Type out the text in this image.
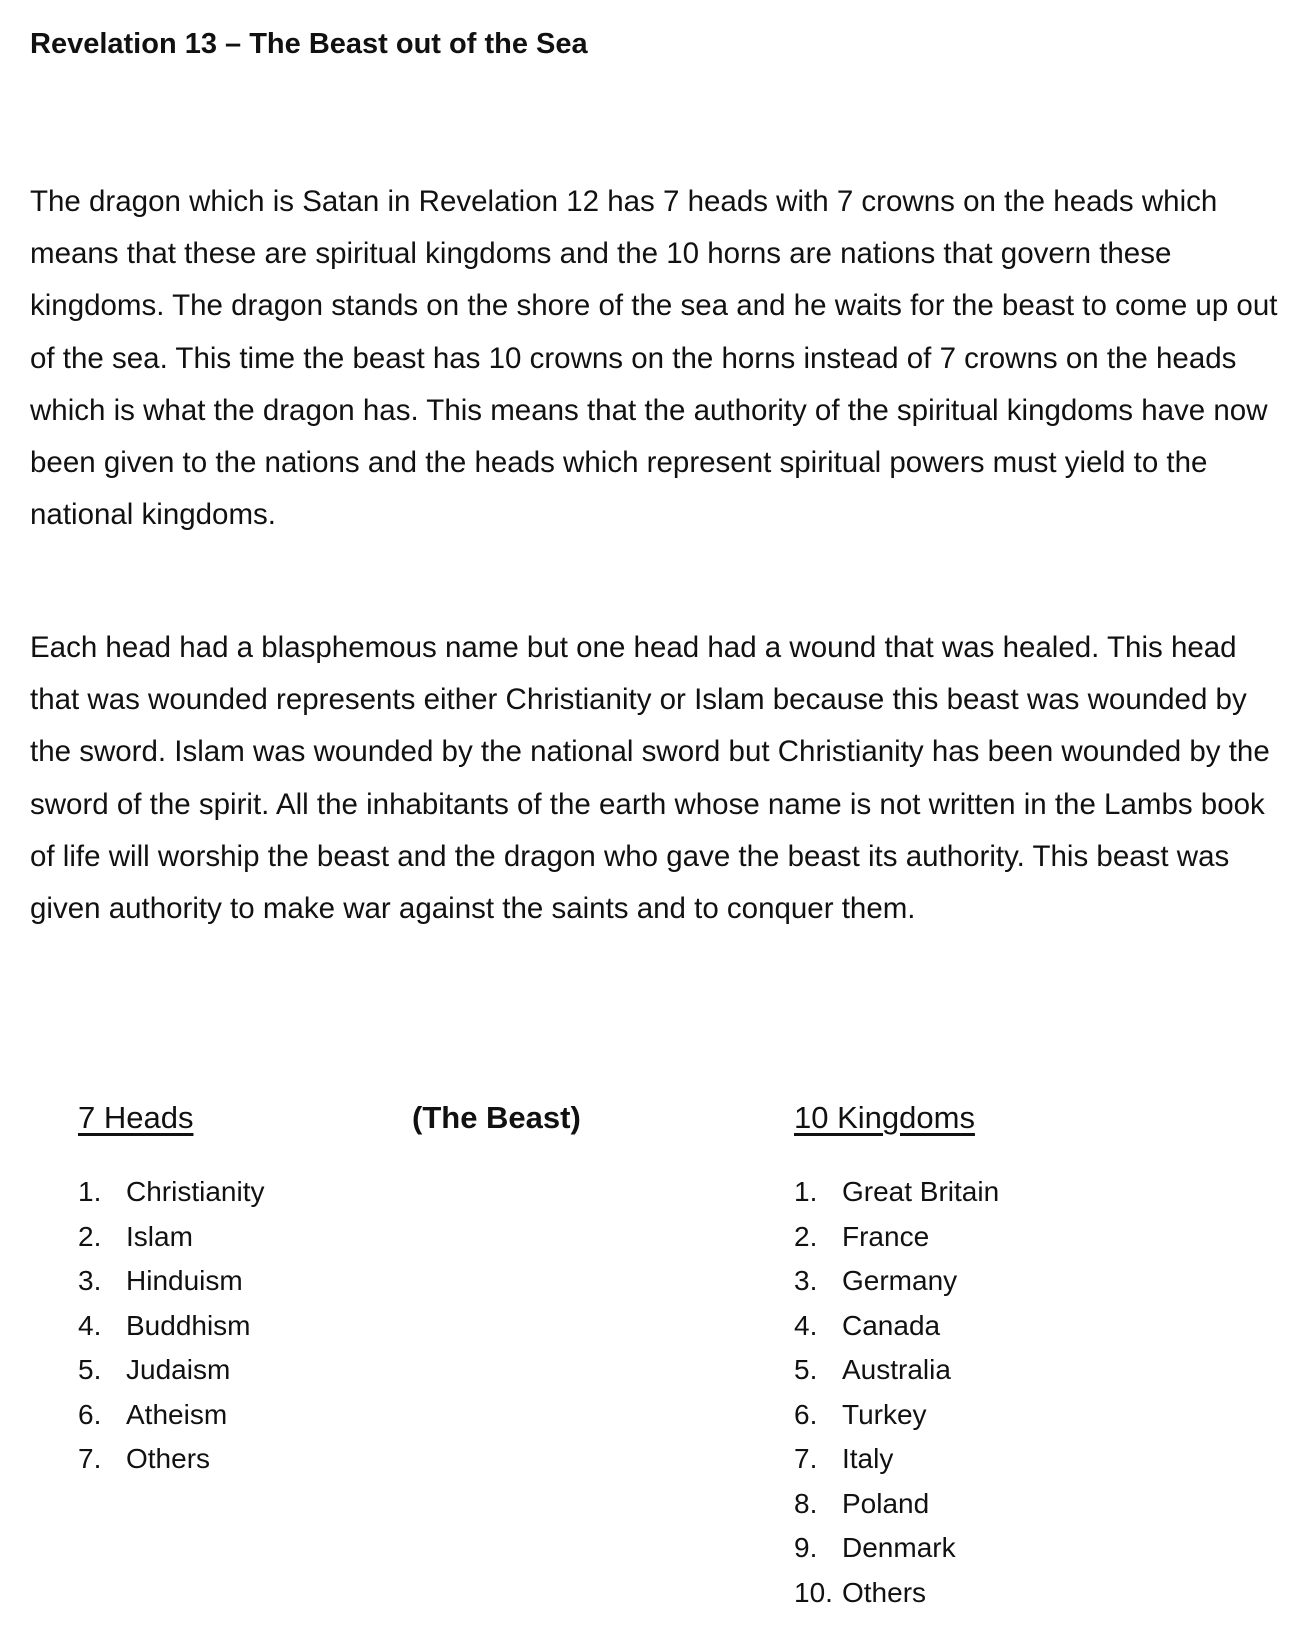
Revelation 13 – The Beast out of the Sea

The dragon which is Satan in Revelation 12 has 7 heads with 7 crowns on the heads which means that these are spiritual kingdoms and the 10 horns are nations that govern these kingdoms. The dragon stands on the shore of the sea and he waits for the beast to come up out of the sea. This time the beast has 10 crowns on the horns instead of 7 crowns on the heads which is what the dragon has. This means that the authority of the spiritual kingdoms have now been given to the nations and the heads which represent spiritual powers must yield to the national kingdoms.

Each head had a blasphemous name but one head had a wound that was healed. This head that was wounded represents either Christianity or Islam because this beast was wounded by the sword. Islam was wounded by the national sword but Christianity has been wounded by the sword of the spirit. All the inhabitants of the earth whose name is not written in the Lambs book of life will worship the beast and the dragon who gave the beast its authority. This beast was given authority to make war against the saints and to conquer them.

7 Heads	(The Beast)	10 Kingdoms
1. Christianity
2. Islam
3. Hinduism
4. Buddhism
5. Judaism
6. Atheism
7. Others
1. Great Britain
2. France
3. Germany
4. Canada
5. Australia
6. Turkey
7. Italy
8. Poland
9. Denmark
10. Others
